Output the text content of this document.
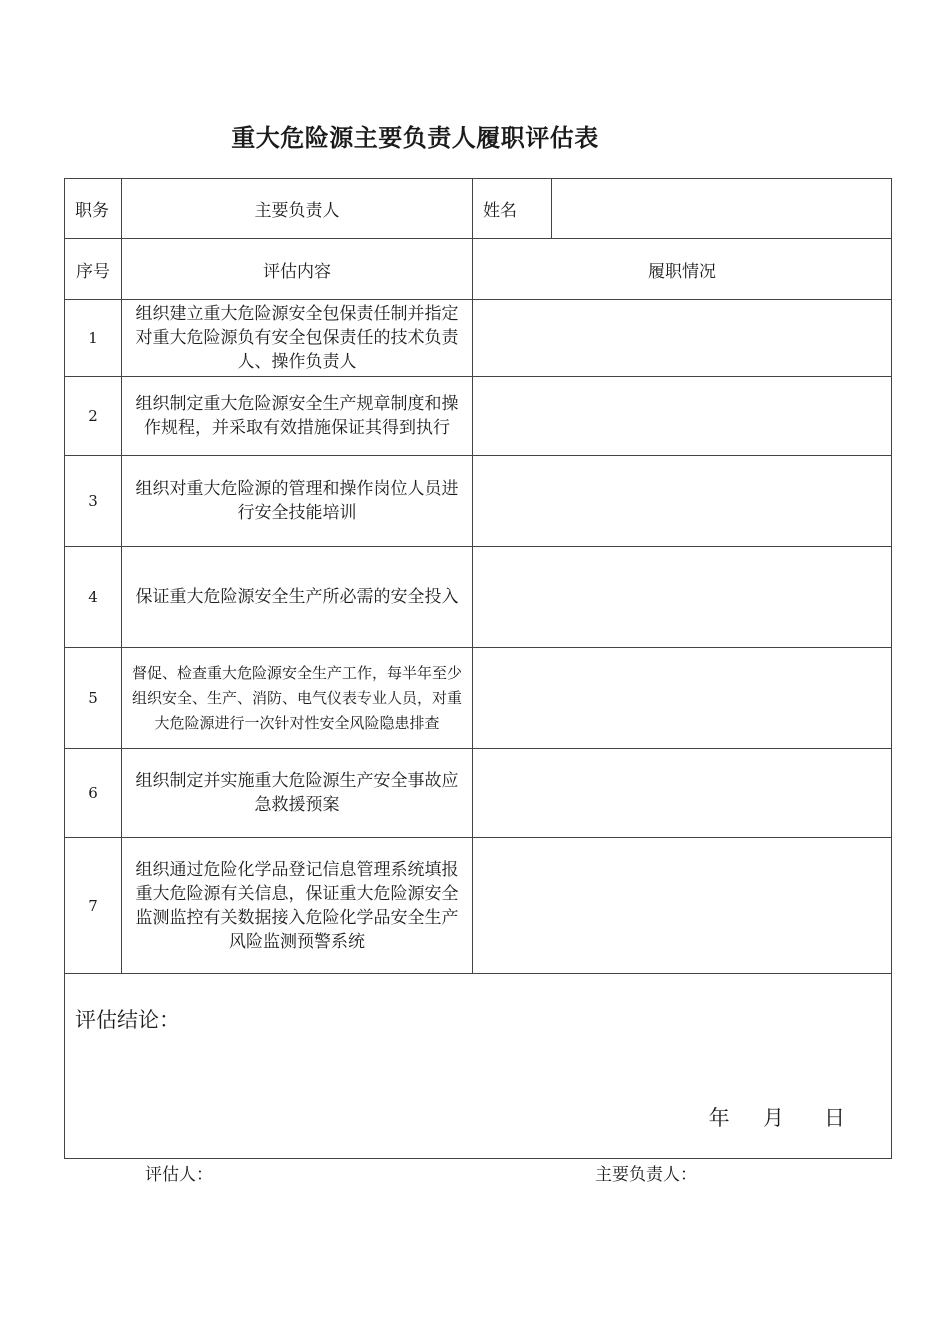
重大危险源主要负责人履职评估表
职务	主要负责人	姓名	
序号	评估内容	履职情况	
1	组织建立重大危险源安全包保责任制并指定对重大危险源负有安全包保责任的技术负责人、操作负责人		
2	组织制定重大危险源安全生产规章制度和操作规程，并采取有效措施保证其得到执行		
3	组织对重大危险源的管理和操作岗位人员进行安全技能培训		
4	保证重大危险源安全生产所必需的安全投入		
5	督促、检查重大危险源安全生产工作，每半年至少组织安全、生产、消防、电气仪表专业人员，对重大危险源进行一次针对性安全风险隐患排查		
6	组织制定并实施重大危险源生产安全事故应急救援预案		
7	组织通过危险化学品登记信息管理系统填报重大危险源有关信息，保证重大危险源安全监测监控有关数据接入危险化学品安全生产风险监测预警系统		

评估结论：
年     月      日			
评估人：	主要负责人：
